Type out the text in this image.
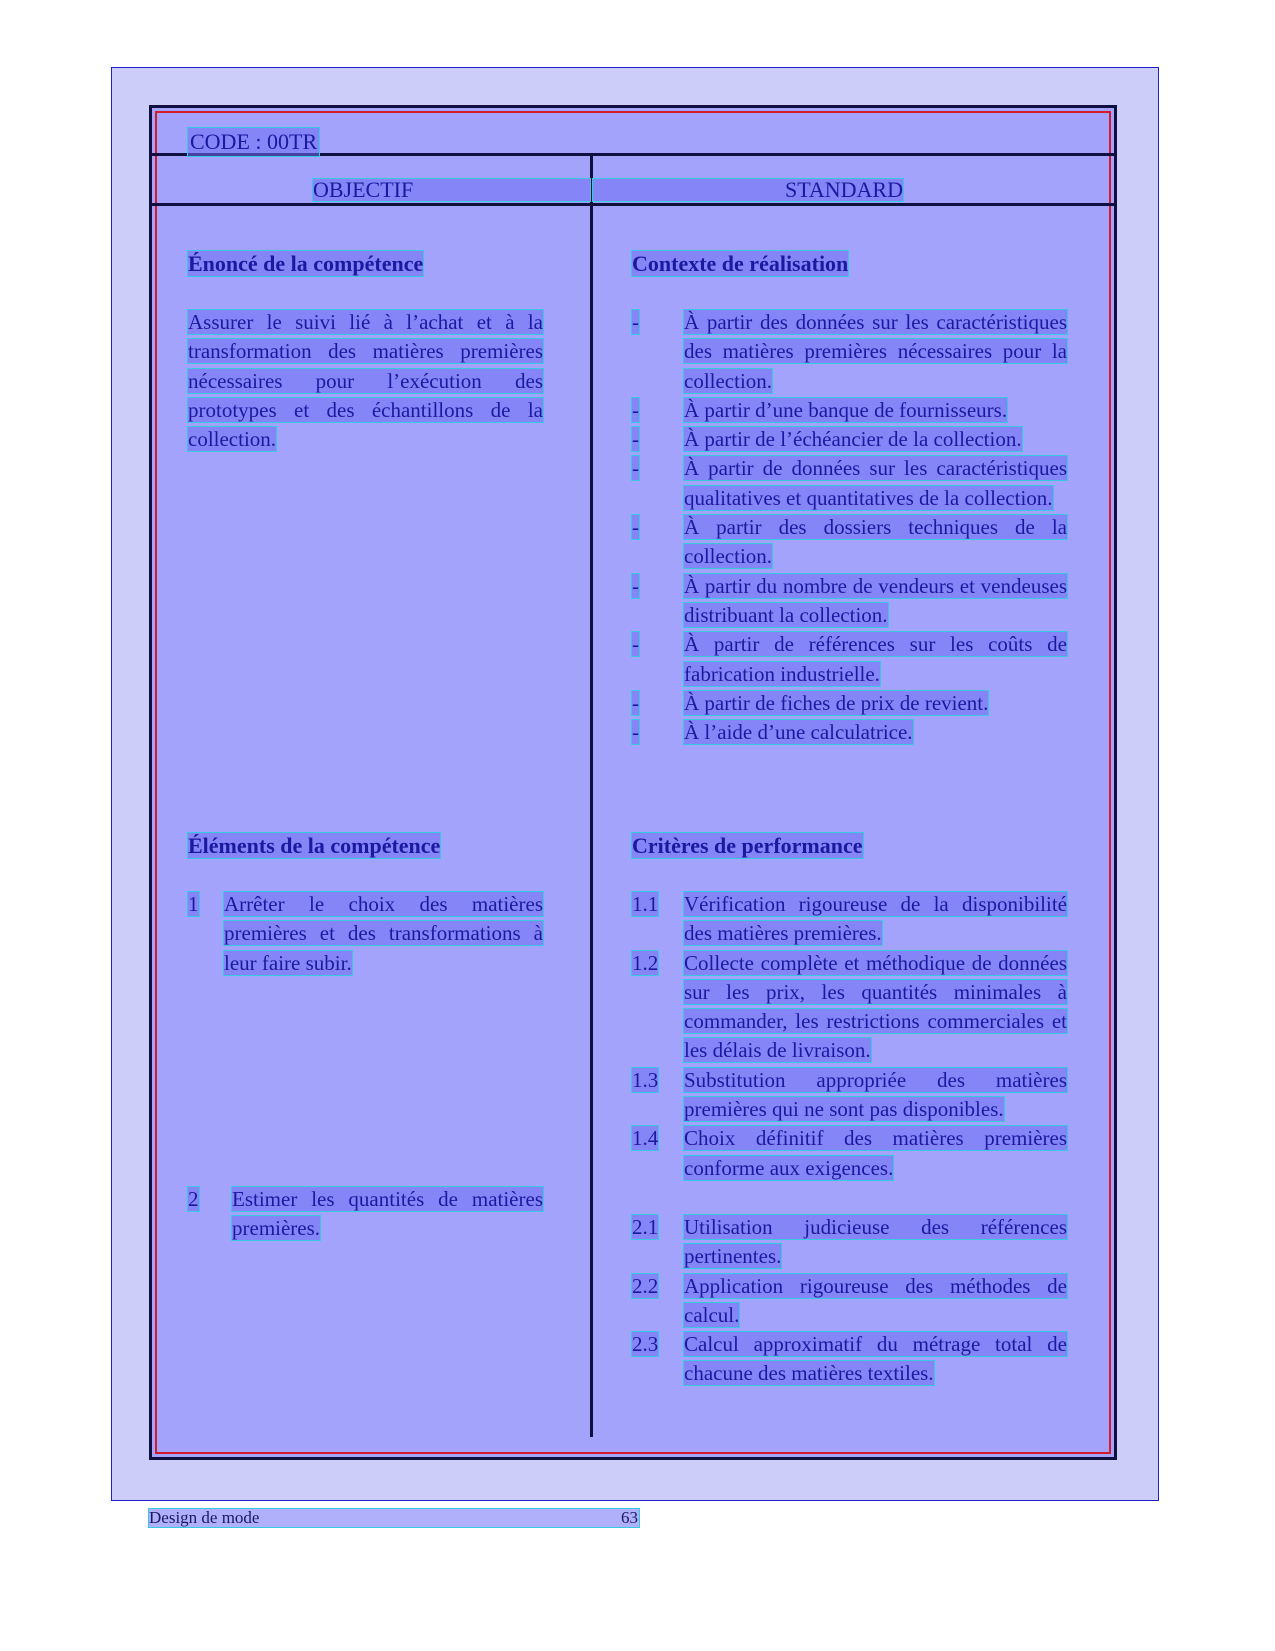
CODE : 00TR
OBJECTIF	STANDARD
Énoncé de la compétence
Assurer le suivi lié à l’achat et à la transformation des matières premières nécessaires pour l’exécution des prototypes et des échantillons de la collection.
Contexte de réalisation
-	À partir des données sur les caractéristiques des matières premières nécessaires pour la collection.
-	À partir d’une banque de fournisseurs.
-	À partir de l’échéancier de la collection.
-	À partir de données sur les caractéristiques qualitatives et quantitatives de la collection.
-	À partir des dossiers techniques de la collection.
-	À partir du nombre de vendeurs et vendeuses distribuant la collection.
-	À partir de références sur les coûts de fabrication industrielle.
-	À partir de fiches de prix de revient.
-	À l’aide d’une calculatrice.
Éléments de la compétence
1	Arrêter le choix des matières premières et des transformations à leur faire subir.
2	Estimer les quantités de matières premières.
Critères de performance
1.1	Vérification rigoureuse de la disponibilité des matières premières.
1.2	Collecte complète et méthodique de données sur les prix, les quantités minimales à commander, les restrictions commerciales et les délais de livraison.
1.3	Substitution appropriée des matières premières qui ne sont pas disponibles.
1.4	Choix définitif des matières premières conforme aux exigences.
2.1	Utilisation judicieuse des références pertinentes.
2.2	Application rigoureuse des méthodes de calcul.
2.3	Calcul approximatif du métrage total de chacune des matières textiles.
Design de mode	63
